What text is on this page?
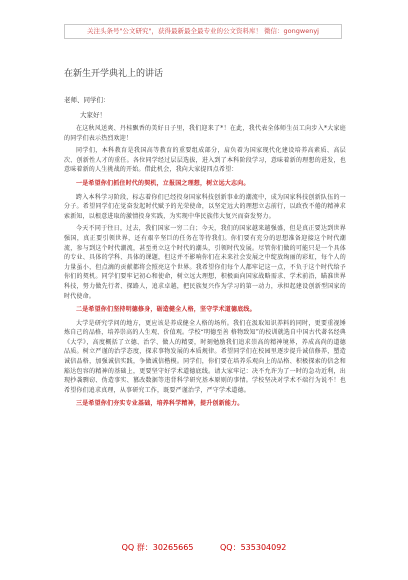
关注头条号"公文研究"，获得最新最全最专业的公文资料库！ 微信：gongwenyj
在新生开学典礼上的讲话
老师、同学们：
大家好！

在这秋风送爽、丹桂飘香的美好日子里，我们迎来了*！在此，我代表全体师生员工向步入*大家庭的同学们表示热烈欢迎！

同学们，本科教育是我国高等教育的重要组成部分，肩负着为国家现代化建设培养高素质、高层次、创新性人才的重任。各位同学经过层层选拔，进入到了本科阶段学习，意味着新的理想的进发，也意味着新的人生挑战的开始。借此机会，我向大家提四点希望：

一是希望你们抓住时代的契机，立报国之理想，树立远大志向。

跨入本科学习阶段，标志着你们已经投身国家科技创新事业的潮流中，成为国家科技创新队伍的一分子。希望同学们在觉奋发起时代赋予的光荣使命，以坚定远大的理想立志前行，以政孜不倦的精神求索新知，以根意进取的激情投身实践，为实现中华民族伟大复兴而奋发努力。

今天不同于往日，过去，我们国家一穷二白；今天，我们的国家越来越强盛，但是真正要达到世界强国，真正要引领世界，还有艰辛坚巨的任务在等待我们。你们要有充分的思想准备迎接这个时代潮流，参与到这个时代潮流，甚至勇立这个时代的潮头，引领时代发展。尽管你们做的可能只是一个具体的专业、具体的学科、具体的课题，但这并不影响你们在未来社会发展之中绽放绚丽的彩虹，每个人的力量虽小，但点滴的贡献都将会照亮这个世界。我希望你们每个人都牢记这一点，不负于这个时代给予你们的契机。同学们要牢记初心和使命，树立远大理想，积极面向国家战略需求、学术前沿，瞄准世界科技，努力做先行者、探路人，追求卓越，把民族复兴作为学习的第一动力，承担起建设创新型国家的时代使命。

二是希望你们坚持明德修身，砺造健全人格，坚守学术道德底线。

大学是研究学问的地方，更应该是养成健全人格的场所。我们在汲取知识养料的同时，更要重视锤炼自己的品格，培养崇高的人生观、价值观。学校“明德至善 格物致知”的校训就选自中国古代著名经典《大学》，高度概括了立德、治学、做人的精要，时刻勉励我们追求崇高的精神境界，养成高尚的道德品质。树立严谨的治学态度，探求事物发展的本质规律。希望同学们在校园里逐步提升诚信修养，塑造诚信品格，加强诚信实践，争做诚信楷模。同学们，你们要在培养乐观向上的品格、积极探索的信念和豁达包容的精神的基础上，更要坚守好学术道德底线。请大家牢记：决不允许为了一时的急功近利，出现抄袭剽窃、伪造事实、篡改数据等违背科学研究基本原则的事情。学校坚决对学术不端行为说不！也希望你们追求真理，从事研究工作，既要严谨治学，严守学术道德。

三是希望你们夯实专业基础，培养科学精神，提升创新能力。

QQ 群：30265665	QQ：535304092
